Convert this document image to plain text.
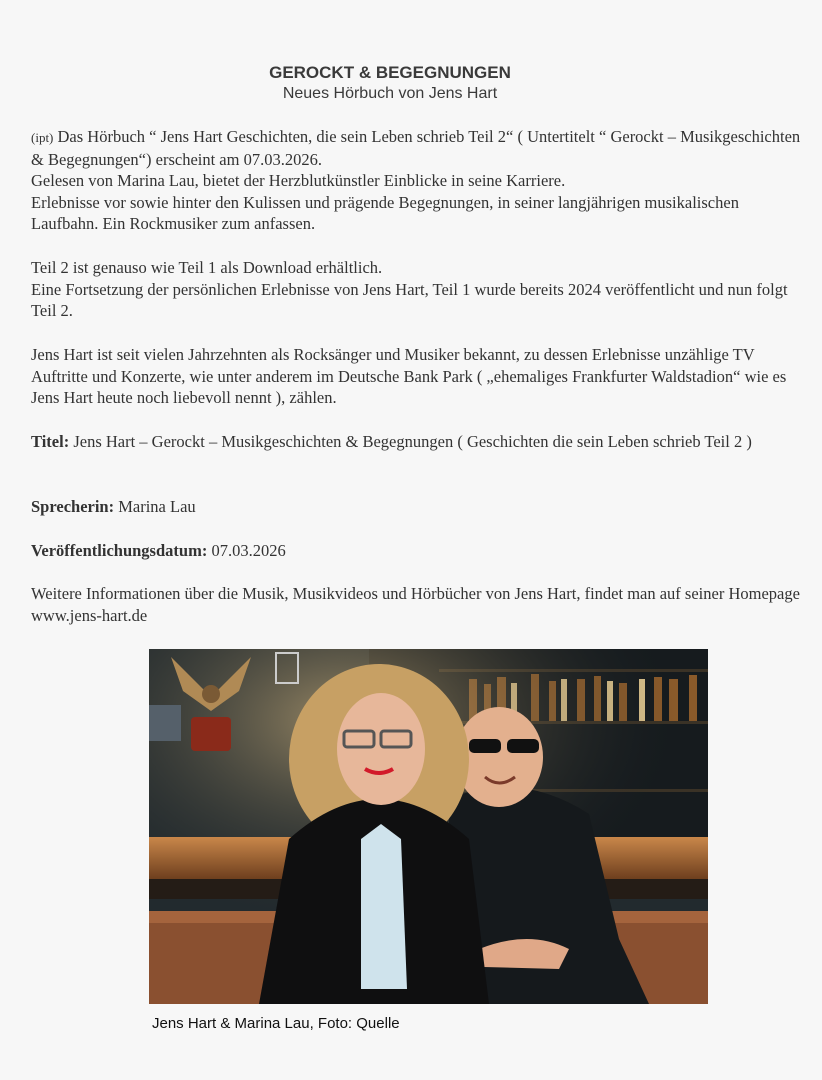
GEROCKT & BEGEGNUNGEN
Neues Hörbuch von Jens Hart

(ipt) Das Hörbuch “ Jens Hart Geschichten, die sein Leben schrieb Teil 2“ ( Untertitelt “ Gerockt – Musikgeschichten & Begegnungen“) erscheint am 07.03.2026.

Gelesen von Marina Lau, bietet der Herzblutkünstler Einblicke in seine Karriere.

Erlebnisse vor sowie hinter den Kulissen und prägende Begegnungen, in seiner langjährigen musikalischen Laufbahn. Ein Rockmusiker zum anfassen.

Teil 2 ist genauso wie Teil 1 als Download erhältlich.

Eine Fortsetzung der persönlichen Erlebnisse von Jens Hart, Teil 1 wurde bereits 2024 veröffentlicht und nun folgt Teil 2.

Jens Hart ist seit vielen Jahrzehnten als Rocksänger und Musiker bekannt, zu dessen Erlebnisse unzählige TV Auftritte und Konzerte, wie unter anderem im Deutsche Bank Park ( „ehemaliges Frankfurter Waldstadion“ wie es Jens Hart heute noch liebevoll nennt ), zählen.

Titel: Jens Hart – Gerockt – Musikgeschichten & Begegnungen ( Geschichten die sein Leben schrieb Teil 2 )

Sprecherin: Marina Lau

Veröffentlichungsdatum: 07.03.2026

Weitere Informationen über die Musik, Musikvideos und Hörbücher von Jens Hart, findet man auf seiner Homepage www.jens-hart.de

Jens Hart & Marina Lau, Foto: Quelle
